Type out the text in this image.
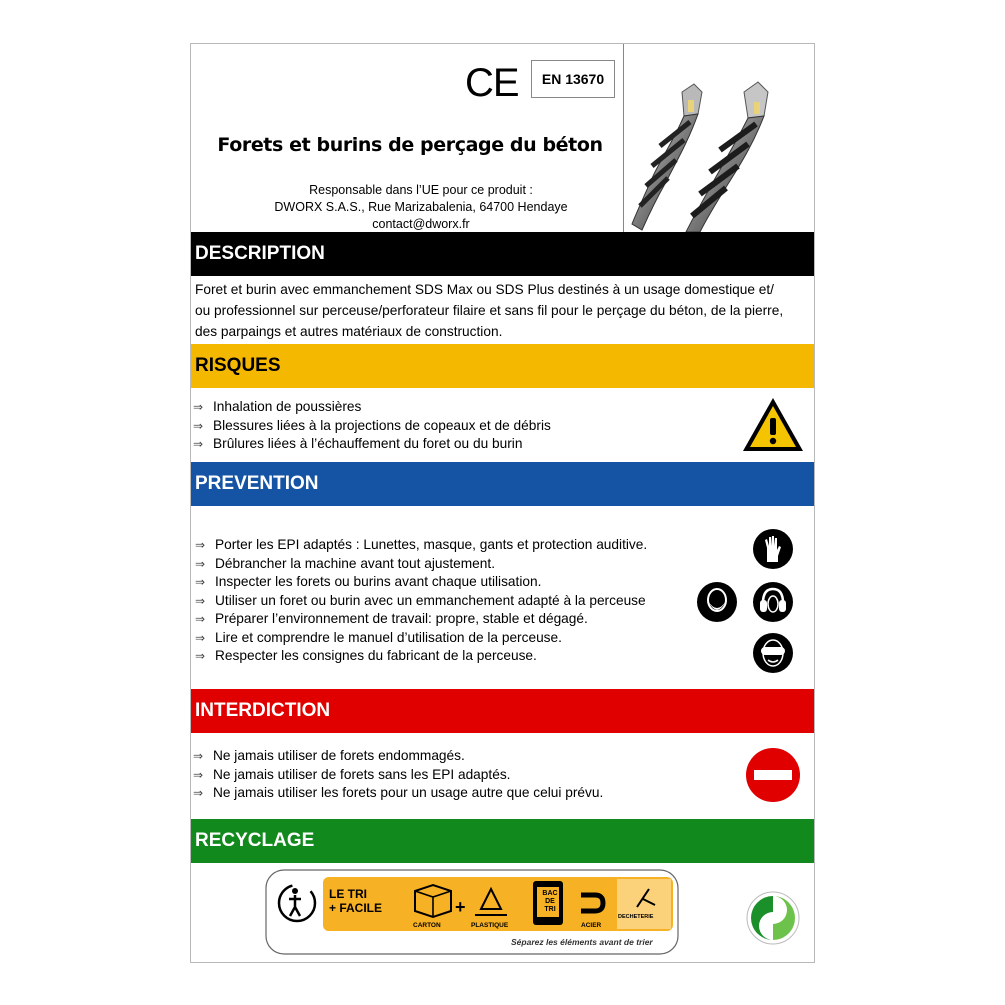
CE	EN 13670
Forets et burins de perçage du béton
Responsable dans l’UE pour ce produit :
DWORX S.A.S., Rue Marizabalenia, 64700 Hendaye
contact@dworx.fr
DESCRIPTION
Foret et burin avec emmanchement SDS Max ou SDS Plus destinés à un usage domestique et/
ou professionnel sur perceuse/perforateur filaire et sans fil pour le perçage du béton, de la pierre,
des parpaings et autres matériaux de construction.
RISQUES
⇒ Inhalation de poussières
⇒ Blessures liées à la projections de copeaux et de débris
⇒ Brûlures liées à l’échauffement du foret ou du burin
PREVENTION
⇒ Porter les EPI adaptés : Lunettes, masque, gants et protection auditive.
⇒ Débrancher la machine avant tout ajustement.
⇒ Inspecter les forets ou burins avant chaque utilisation.
⇒ Utiliser un foret ou burin avec un emmanchement adapté à la perceuse
⇒ Préparer l’environnement de travail: propre, stable et dégagé.
⇒ Lire et comprendre le manuel d’utilisation de la perceuse.
⇒ Respecter les consignes du fabricant de la perceuse.
INTERDICTION
⇒ Ne jamais utiliser de forets endommagés.
⇒ Ne jamais utiliser de forets sans les EPI adaptés.
⇒ Ne jamais utiliser les forets pour un usage autre que celui prévu.
RECYCLAGE
LE TRI
+ FACILE
CARTON
+
PLASTIQUE
BAC
DE
TRI
ACIER
DECHETERIE
Séparez les éléments avant de trier
